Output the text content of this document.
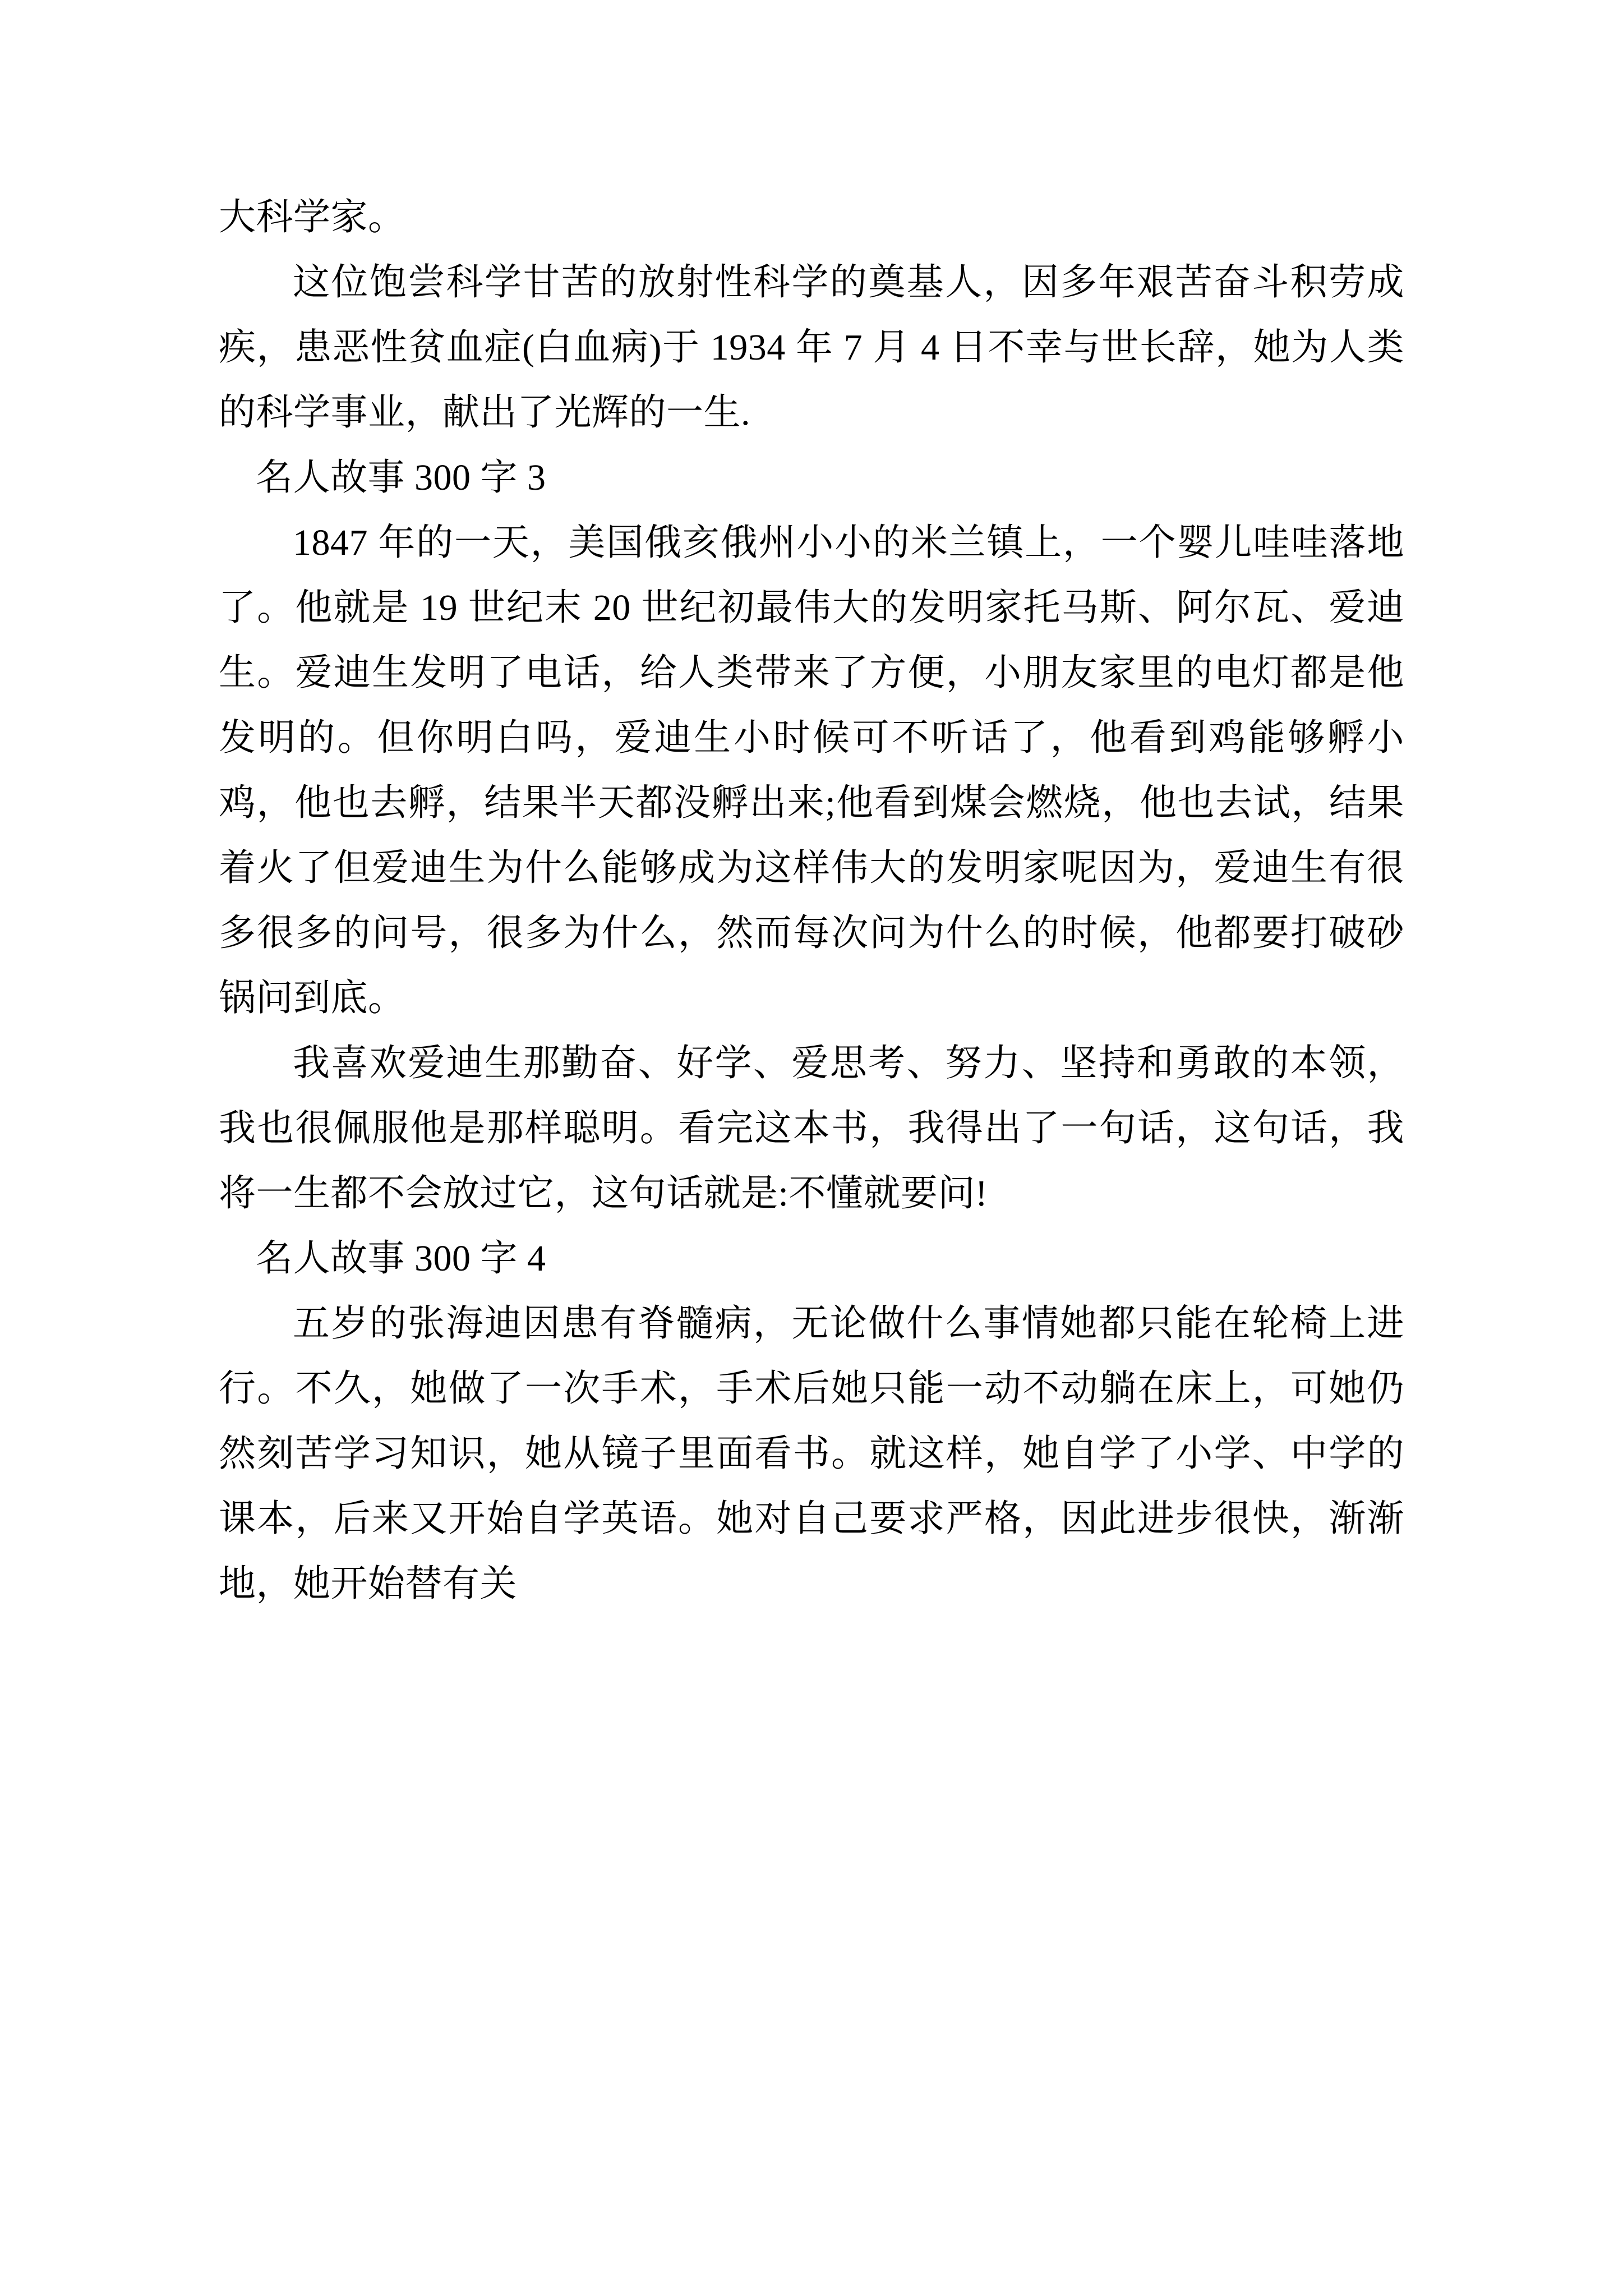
大科学家。

这位饱尝科学甘苦的放射性科学的奠基人，因多年艰苦奋斗积劳成疾，患恶性贫血症(白血病)于 1934 年 7 月 4 日不幸与世长辞，她为人类的科学事业，献出了光辉的一生.

名人故事 300 字 3

1847 年的一天，美国俄亥俄州小小的米兰镇上，一个婴儿哇哇落地了。他就是 19 世纪末 20 世纪初最伟大的发明家托马斯、阿尔瓦、爱迪生。爱迪生发明了电话，给人类带来了方便，小朋友家里的电灯都是他发明的。但你明白吗，爱迪生小时候可不听话了，他看到鸡能够孵小鸡，他也去孵，结果半天都没孵出来;他看到煤会燃烧，他也去试，结果着火了但爱迪生为什么能够成为这样伟大的发明家呢因为，爱迪生有很多很多的问号，很多为什么，然而每次问为什么的时候，他都要打破砂锅问到底。

我喜欢爱迪生那勤奋、好学、爱思考、努力、坚持和勇敢的本领，我也很佩服他是那样聪明。看完这本书，我得出了一句话，这句话，我将一生都不会放过它，这句话就是:不懂就要问!

名人故事 300 字 4

五岁的张海迪因患有脊髓病，无论做什么事情她都只能在轮椅上进行。不久，她做了一次手术，手术后她只能一动不动躺在床上，可她仍然刻苦学习知识，她从镜子里面看书。就这样，她自学了小学、中学的课本，后来又开始自学英语。她对自己要求严格，因此进步很快，渐渐地，她开始替有关
